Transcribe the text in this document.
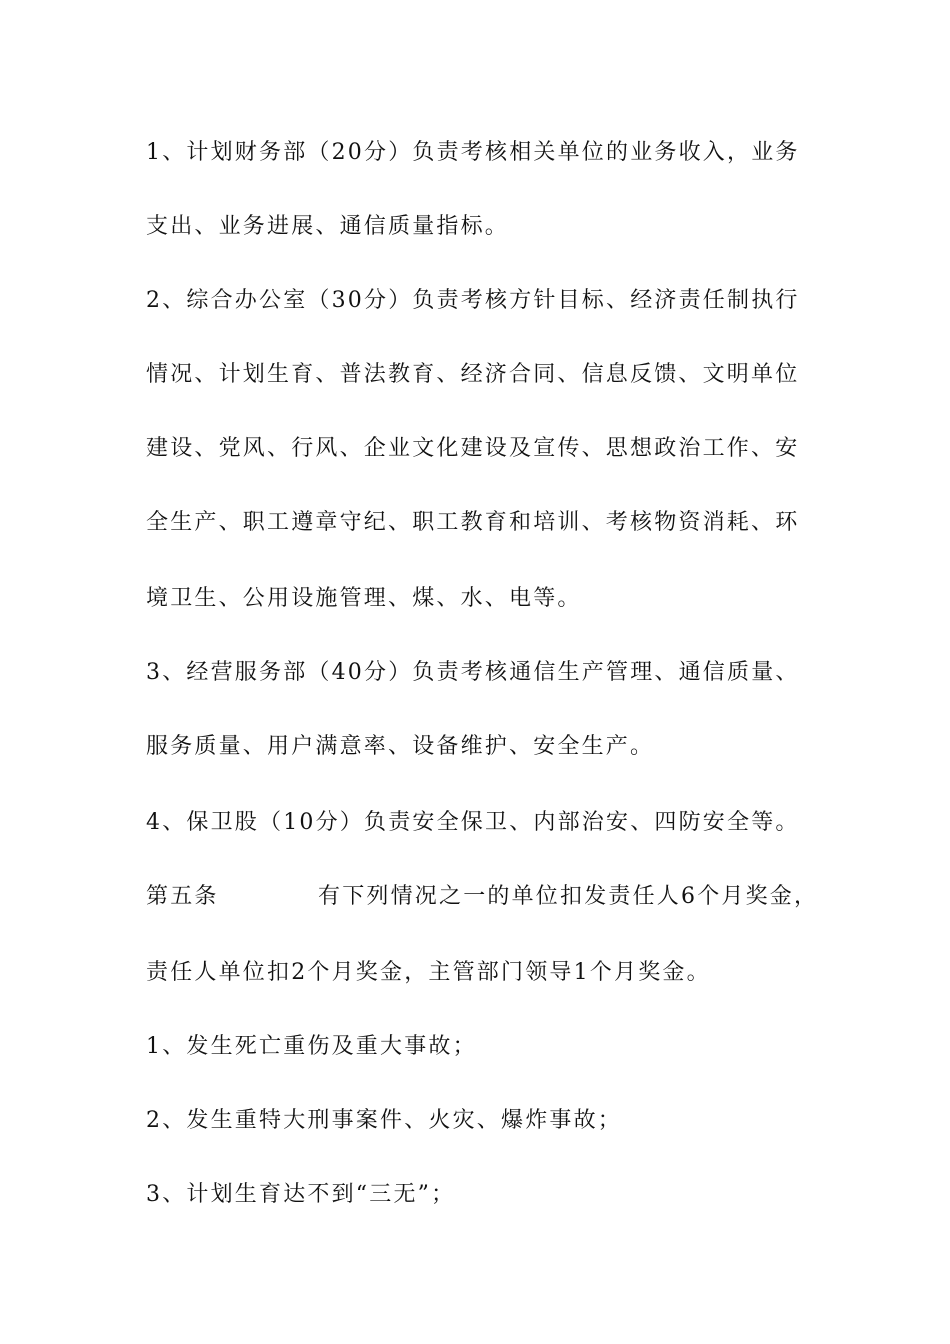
1、计划财务部（20分）负责考核相关单位的业务收入，业务
支出、业务进展、通信质量指标。
2、综合办公室（30分）负责考核方针目标、经济责任制执行
情况、计划生育、普法教育、经济合同、信息反馈、文明单位
建设、党风、行风、企业文化建设及宣传、思想政治工作、安
全生产、职工遵章守纪、职工教育和培训、考核物资消耗、环
境卫生、公用设施管理、煤、水、电等。
3、经营服务部（40分）负责考核通信生产管理、通信质量、
服务质量、用户满意率、设备维护、安全生产。
4、保卫股（10分）负责安全保卫、内部治安、四防安全等。
第五条	有下列情况之一的单位扣发责任人6个月奖金，
责任人单位扣2个月奖金，主管部门领导1个月奖金。
1、发生死亡重伤及重大事故；
2、发生重特大刑事案件、火灾、爆炸事故；
3、计划生育达不到“三无”；
